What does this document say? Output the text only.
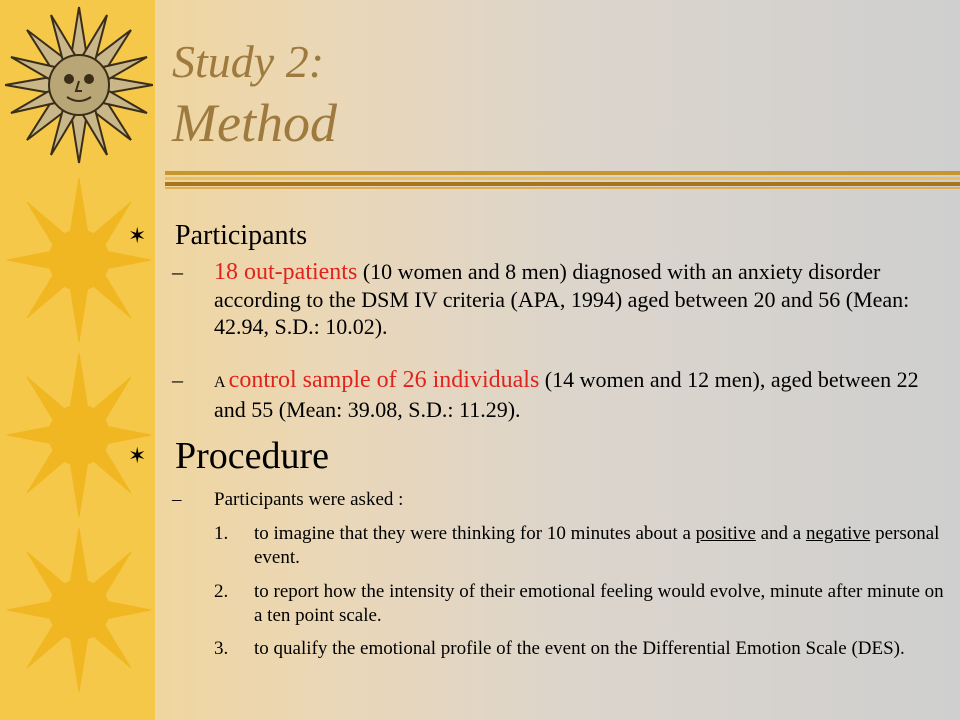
Study 2:
Method
✶ Participants
– 18 out-patients (10 women and 8 men) diagnosed with an anxiety disorder according to the DSM IV criteria (APA, 1994) aged between 20 and 56 (Mean: 42.94, S.D.: 10.02).
– A control sample of 26 individuals (14 women and 12 men), aged between 22 and 55 (Mean: 39.08, S.D.: 11.29).
✶ Procedure
– Participants were asked :
1. to imagine that they were thinking for 10 minutes about a positive and a negative personal event.
2. to report how the intensity of their emotional feeling would evolve, minute after minute on a ten point scale.
3. to qualify the emotional profile of the event on the Differential Emotion Scale (DES).
